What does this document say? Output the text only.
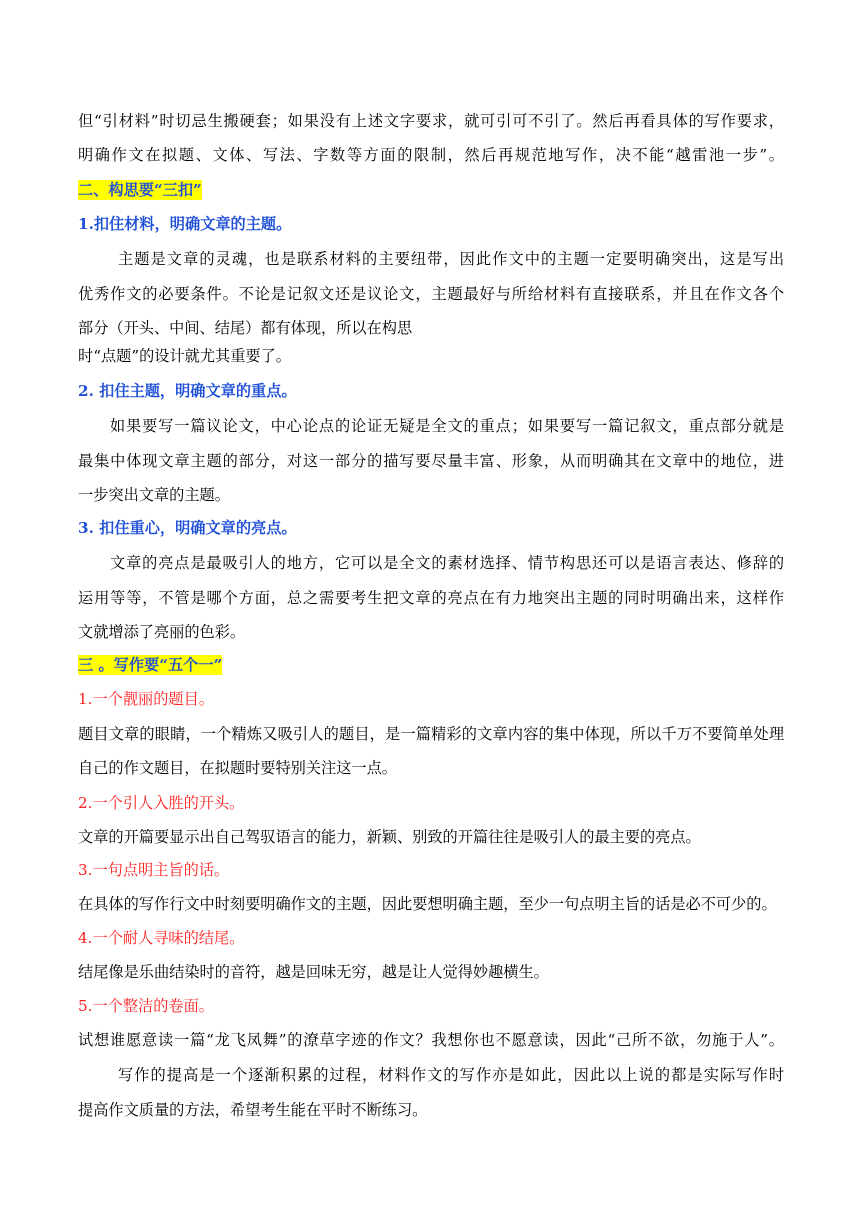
但“引材料”时切忌生搬硬套；如果没有上述文字要求，就可引可不引了。然后再看具体的写作要求，
明确作文在拟题、文体、写法、字数等方面的限制，然后再规范地写作，决不能“越雷池一步”。
二、构思要“三扣”
1.扣住材料，明确文章的主题。
主题是文章的灵魂，也是联系材料的主要纽带，因此作文中的主题一定要明确突出，这是写出
优秀作文的必要条件。不论是记叙文还是议论文，主题最好与所给材料有直接联系，并且在作文各个
部分（开头、中间、结尾）都有体现，所以在构思
时“点题”的设计就尤其重要了。
2. 扣住主题，明确文章的重点。
如果要写一篇议论文，中心论点的论证无疑是全文的重点；如果要写一篇记叙文，重点部分就是
最集中体现文章主题的部分，对这一部分的描写要尽量丰富、形象，从而明确其在文章中的地位，进
一步突出文章的主题。
3. 扣住重心，明确文章的亮点。
文章的亮点是最吸引人的地方，它可以是全文的素材选择、情节构思还可以是语言表达、修辞的
运用等等，不管是哪个方面，总之需要考生把文章的亮点在有力地突出主题的同时明确出来，这样作
文就增添了亮丽的色彩。
三 。写作要“五个一”
1.一个靓丽的题目。
题目文章的眼睛，一个精炼又吸引人的题目，是一篇精彩的文章内容的集中体现，所以千万不要简单处理
自己的作文题目，在拟题时要特别关注这一点。
2.一个引人入胜的开头。
文章的开篇要显示出自己驾驭语言的能力，新颖、别致的开篇往往是吸引人的最主要的亮点。
3.一句点明主旨的话。
在具体的写作行文中时刻要明确作文的主题，因此要想明确主题，至少一句点明主旨的话是必不可少的。
4.一个耐人寻味的结尾。
结尾像是乐曲结染时的音符，越是回味无穷，越是让人觉得妙趣横生。
5.一个整洁的卷面。
试想谁愿意读一篇“龙飞凤舞”的潦草字迹的作文？我想你也不愿意读，因此“己所不欲，勿施于人”。
写作的提高是一个逐渐积累的过程，材料作文的写作亦是如此，因此以上说的都是实际写作时
提高作文质量的方法，希望考生能在平时不断练习。
